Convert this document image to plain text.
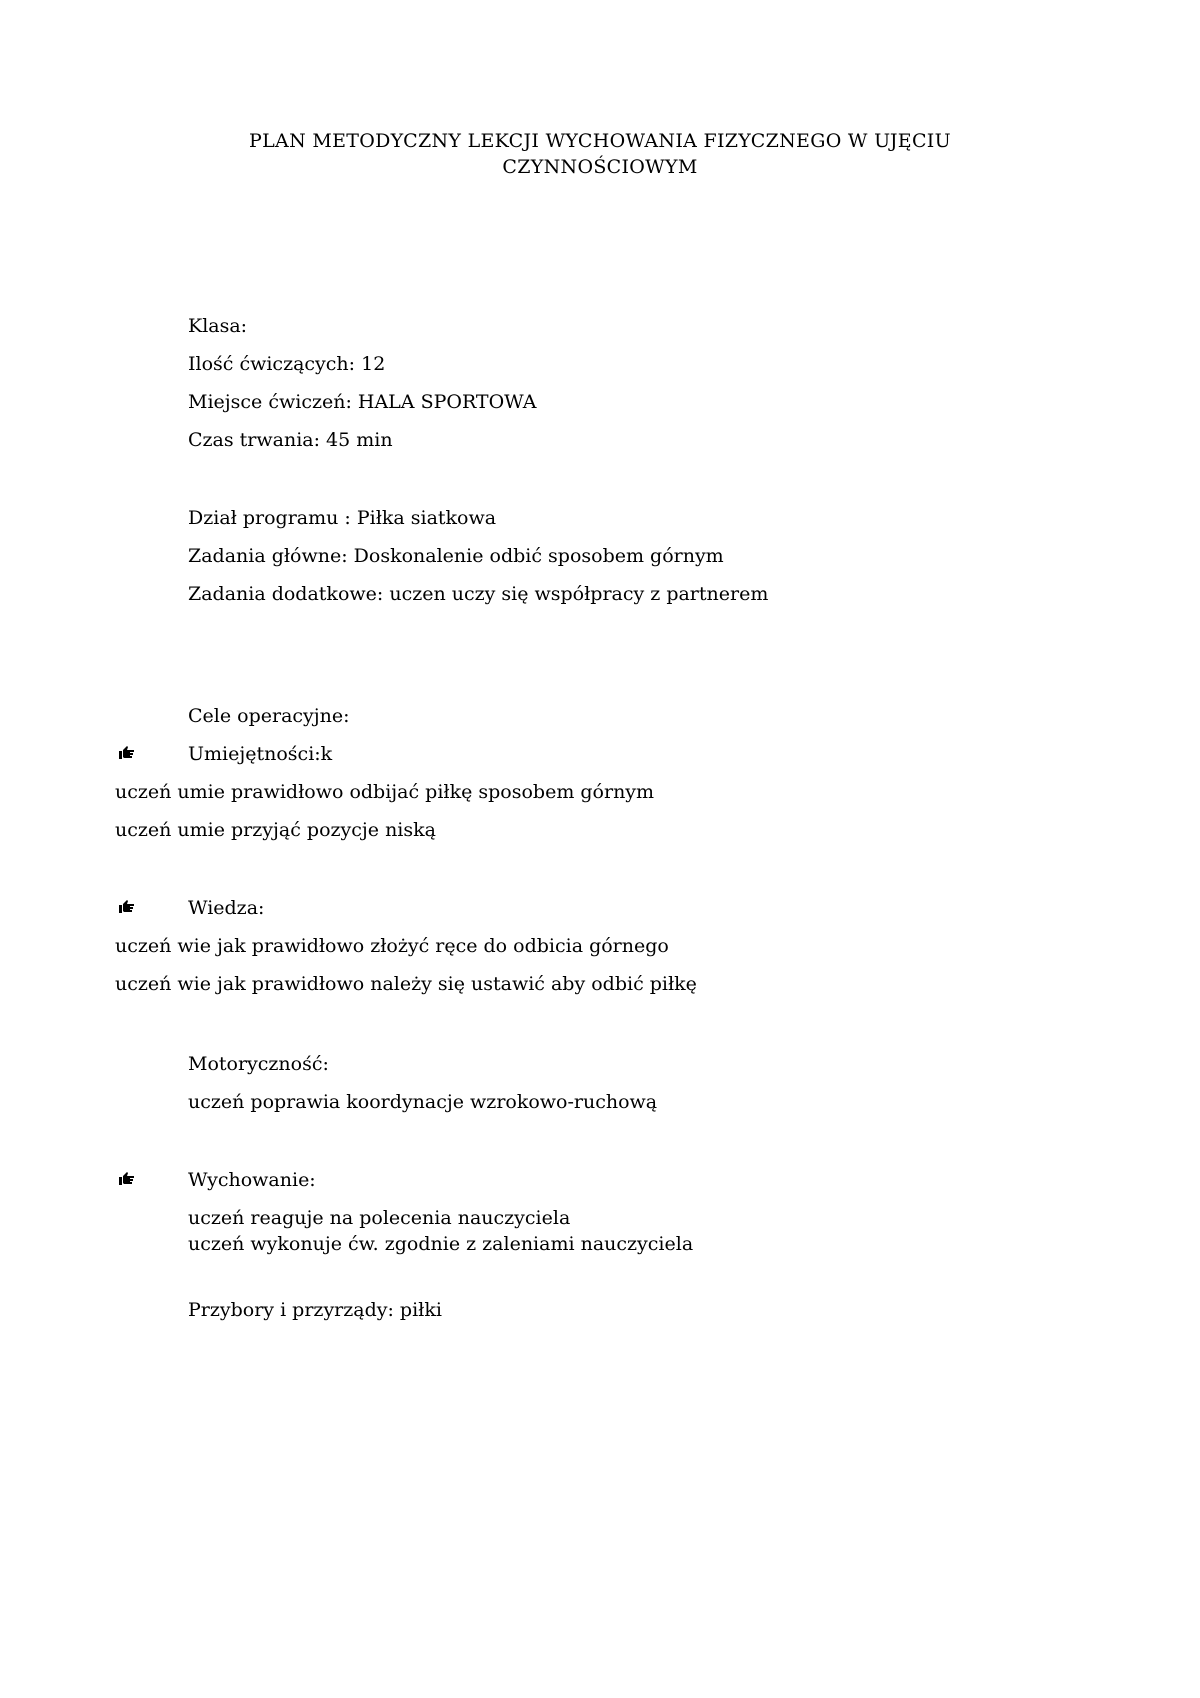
PLAN METODYCZNY LEKCJI WYCHOWANIA FIZYCZNEGO W UJĘCIU
CZYNNOŚCIOWYM
Klasa:
Ilość ćwiczących: 12
Miejsce ćwiczeń: HALA SPORTOWA
Czas trwania: 45 min
Dział programu : Piłka siatkowa
Zadania główne: Doskonalenie odbić sposobem górnym
Zadania dodatkowe: uczen uczy się współpracy z partnerem
Cele operacyjne:
Umiejętności:k
uczeń umie prawidłowo odbijać piłkę sposobem górnym
uczeń umie przyjąć pozycje niską
Wiedza:
uczeń wie jak prawidłowo złożyć ręce do odbicia górnego
uczeń wie jak prawidłowo należy się ustawić aby odbić piłkę
Motoryczność:
uczeń poprawia koordynacje wzrokowo-ruchową
Wychowanie:
uczeń reaguje na polecenia nauczyciela
uczeń wykonuje ćw. zgodnie z zaleniami nauczyciela
Przybory i przyrządy: piłki
